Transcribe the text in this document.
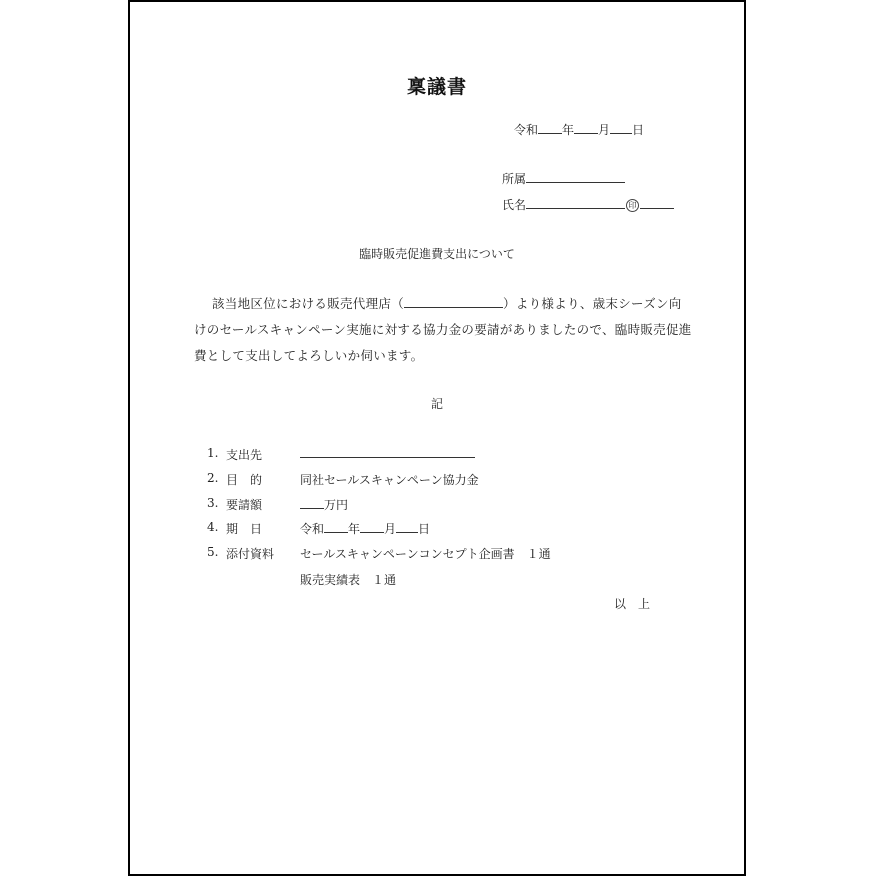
稟議書
令和 年 月 日
所属
氏名	印
臨時販売促進費支出について
該当地区位における販売代理店（	）より様より、歳末シーズン向
けのセールスキャンペーン実施に対する協力金の要請がありましたので、臨時販売促進
費として支出してよろしいか伺います。
記
1. 支出先
2. 目　的	同社セールスキャンペーン協力金
3. 要請額	万円
4. 期　日	令和 年 月 日
5. 添付資料 セールスキャンペーンコンセプト企画書　１通
販売実績表　１通
以　上
